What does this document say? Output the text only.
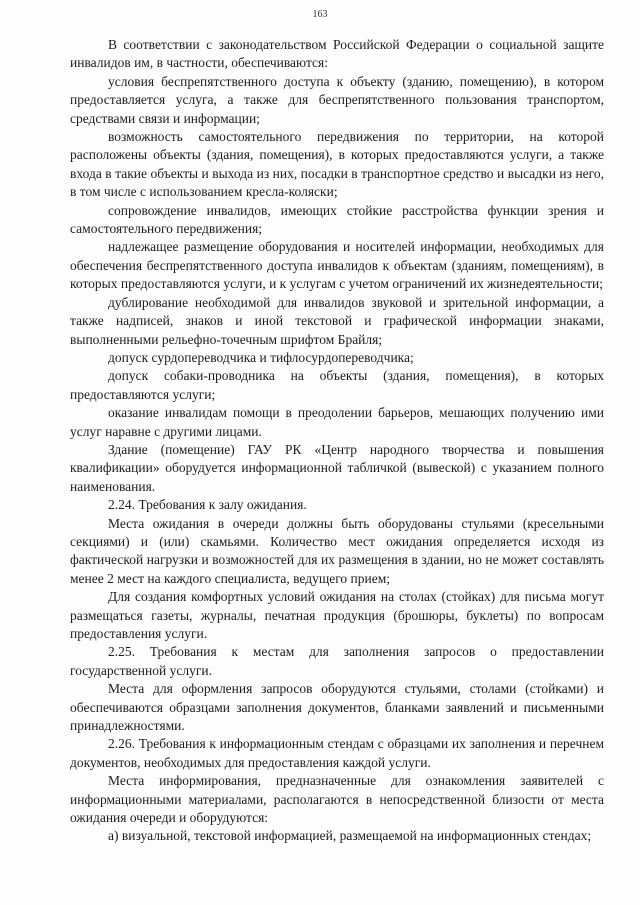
163

В соответствии с законодательством Российской Федерации о социальной защите инвалидов им, в частности, обеспечиваются:

условия беспрепятственного доступа к объекту (зданию, помещению), в котором предоставляется услуга, а также для беспрепятственного пользования транспортом, средствами связи и информации;

возможность самостоятельного передвижения по территории, на которой расположены объекты (здания, помещения), в которых предоставляются услуги, а также входа в такие объекты и выхода из них, посадки в транспортное средство и высадки из него, в том числе с использованием кресла-коляски;

сопровождение инвалидов, имеющих стойкие расстройства функции зрения и самостоятельного передвижения;

надлежащее размещение оборудования и носителей информации, необходимых для обеспечения беспрепятственного доступа инвалидов к объектам (зданиям, помещениям), в которых предоставляются услуги, и к услугам с учетом ограничений их жизнедеятельности;

дублирование необходимой для инвалидов звуковой и зрительной информации, а также надписей, знаков и иной текстовой и графической информации знаками, выполненными рельефно-точечным шрифтом Брайля;

допуск сурдопереводчика и тифлосурдопереводчика;

допуск собаки-проводника на объекты (здания, помещения), в которых предоставляются услуги;

оказание инвалидам помощи в преодолении барьеров, мешающих получению ими услуг наравне с другими лицами.

Здание (помещение) ГАУ РК «Центр народного творчества и повышения квалификации» оборудуется информационной табличкой (вывеской) с указанием полного наименования.

2.24. Требования к залу ожидания.

Места ожидания в очереди должны быть оборудованы стульями (кресельными секциями) и (или) скамьями. Количество мест ожидания определяется исходя из фактической нагрузки и возможностей для их размещения в здании, но не может составлять менее 2 мест на каждого специалиста, ведущего прием;

Для создания комфортных условий ожидания на столах (стойках) для письма могут размещаться газеты, журналы, печатная продукция (брошюры, буклеты) по вопросам предоставления услуги.

2.25. Требования к местам для заполнения запросов о предоставлении государственной услуги.

Места для оформления запросов оборудуются стульями, столами (стойками) и обеспечиваются образцами заполнения документов, бланками заявлений и письменными принадлежностями.

2.26. Требования к информационным стендам с образцами их заполнения и перечнем документов, необходимых для предоставления каждой услуги.

Места информирования, предназначенные для ознакомления заявителей с информационными материалами, располагаются в непосредственной близости от места ожидания очереди и оборудуются:

а) визуальной, текстовой информацией, размещаемой на информационных стендах;
